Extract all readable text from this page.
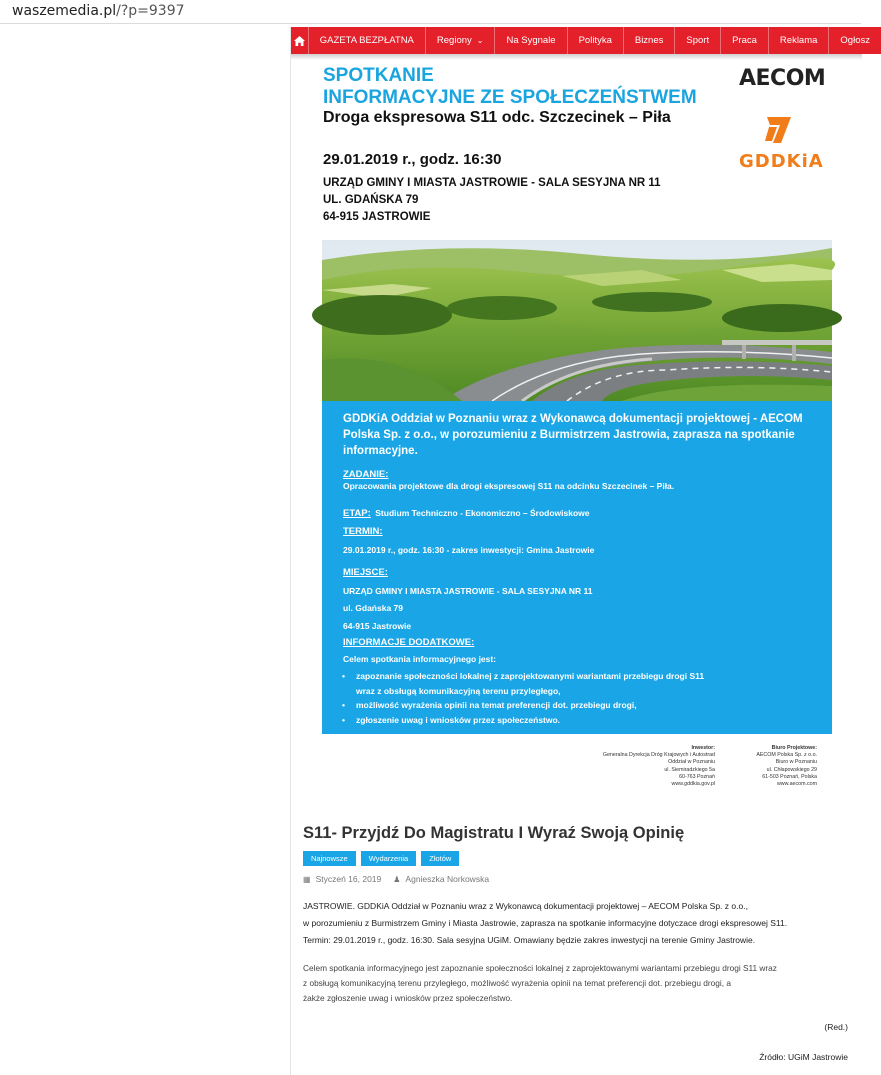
waszemedia.pl/?p=9397
GAZETA BEZPŁATNA Regiony ⌄ Na Sygnale Polityka Biznes Sport Praca Reklama Ogłosz
SPOTKANIE
INFORMACYJNE ZE SPOŁECZEŃSTWEM
Droga ekspresowa S11 odc. Szczecinek – Piła
29.01.2019 r., godz. 16:30
URZĄD GMINY I MIASTA JASTROWIE - SALA SESYJNA NR 11
UL. GDAŃSKA 79
64-915 JASTROWIE
AECOM
GDDKiA
GDDKiA Oddział w Poznaniu wraz z Wykonawcą dokumentacji projektowej - AECOM Polska Sp. z o.o., w porozumieniu z Burmistrzem Jastrowia, zaprasza na spotkanie informacyjne.
ZADANIE:
Opracowania projektowe dla drogi ekspresowej S11 na odcinku Szczecinek – Piła.
ETAP: Studium Techniczno - Ekonomiczno – Środowiskowe
TERMIN:
29.01.2019 r., godz. 16:30 - zakres inwestycji: Gmina Jastrowie
MIEJSCE:
URZĄD GMINY I MIASTA JASTROWIE - SALA SESYJNA NR 11
ul. Gdańska 79
64-915 Jastrowie
INFORMACJE DODATKOWE:
Celem spotkania informacyjnego jest:
• zapoznanie społeczności lokalnej z zaprojektowanymi wariantami przebiegu drogi S11
wraz z obsługą komunikacyjną terenu przyległego,
• możliwość wyrażenia opinii na temat preferencji dot. przebiegu drogi,
• zgłoszenie uwag i wniosków przez społeczeństwo.
Inwestor:
Generalna Dyrekcja Dróg Krajowych i Autostrad
Oddział w Poznaniu
ul. Siemiradzkiego 5a
60-763 Poznań
www.gddkia.gov.pl
Biuro Projektowe:
AECOM Polska Sp. z o.o.
Biuro w Poznaniu
ul. Chłapowskiego 29
61-503 Poznań, Polska
www.aecom.com
S11- Przyjdź Do Magistratu I Wyraź Swoją Opinię
Najnowsze	Wydarzenia	Złotów
▦ Styczeń 16, 2019 ♟ Agnieszka Norkowska
JASTROWIE. GDDKiA Oddział w Poznaniu wraz z Wykonawcą dokumentacji projektowej – AECOM Polska Sp. z o.o.,
w porozumieniu z Burmistrzem Gminy i Miasta Jastrowie, zaprasza na spotkanie informacyjne dotyczace drogi ekspresowej S11.
Termin: 29.01.2019 r., godz. 16:30. Sala sesyjna UGiM. Omawiany będzie zakres inwestycji na terenie Gminy Jastrowie.
Celem spotkania informacyjnego jest zapoznanie społeczności lokalnej z zaprojektowanymi wariantami przebiegu drogi S11 wraz
z obsługą komunikacyjną terenu przyległego, możliwość wyrażenia opinii na temat preferencji dot. przebiegu drogi, a
żakże zgłoszenie uwag i wniosków przez społeczeństwo.
(Red.)
Źródło: UGiM Jastrowie
